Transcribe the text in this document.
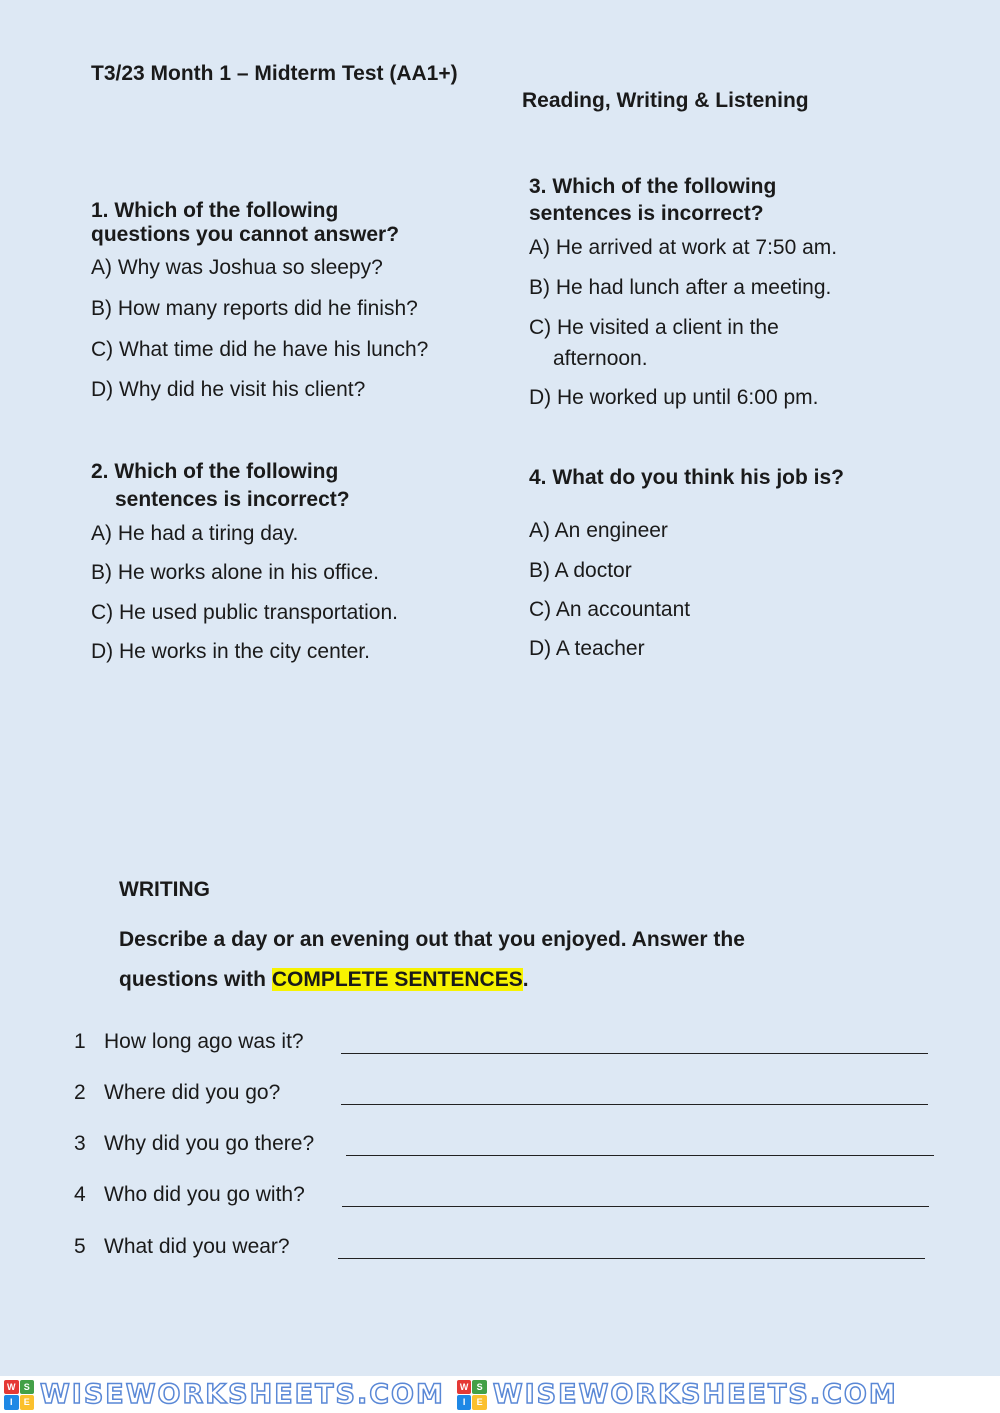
T3/23 Month 1 – Midterm Test (AA1+)
Reading, Writing & Listening
1. Which of the following
questions you cannot answer?
A) Why was Joshua so sleepy?
B) How many reports did he finish?
C) What time did he have his lunch?
D) Why did he visit his client?
2. Which of the following
sentences is incorrect?
A) He had a tiring day.
B) He works alone in his office.
C) He used public transportation.
D) He works in the city center.
3. Which of the following
sentences is incorrect?
A) He arrived at work at 7:50 am.
B) He had lunch after a meeting.
C) He visited a client in the
afternoon.
D) He worked up until 6:00 pm.
4. What do you think his job is?
A) An engineer
B) A doctor
C) An accountant
D) A teacher
WRITING
Describe a day or an evening out that you enjoyed. Answer the
questions with COMPLETE SENTENCES.
1 How long ago was it?
2 Where did you go?
3 Why did you go there?
4 Who did you go with?
5 What did you wear?
W S
I	E WISEWORKSHEETS.COM	W S
I	E WISEWORKSHEETS.COM
